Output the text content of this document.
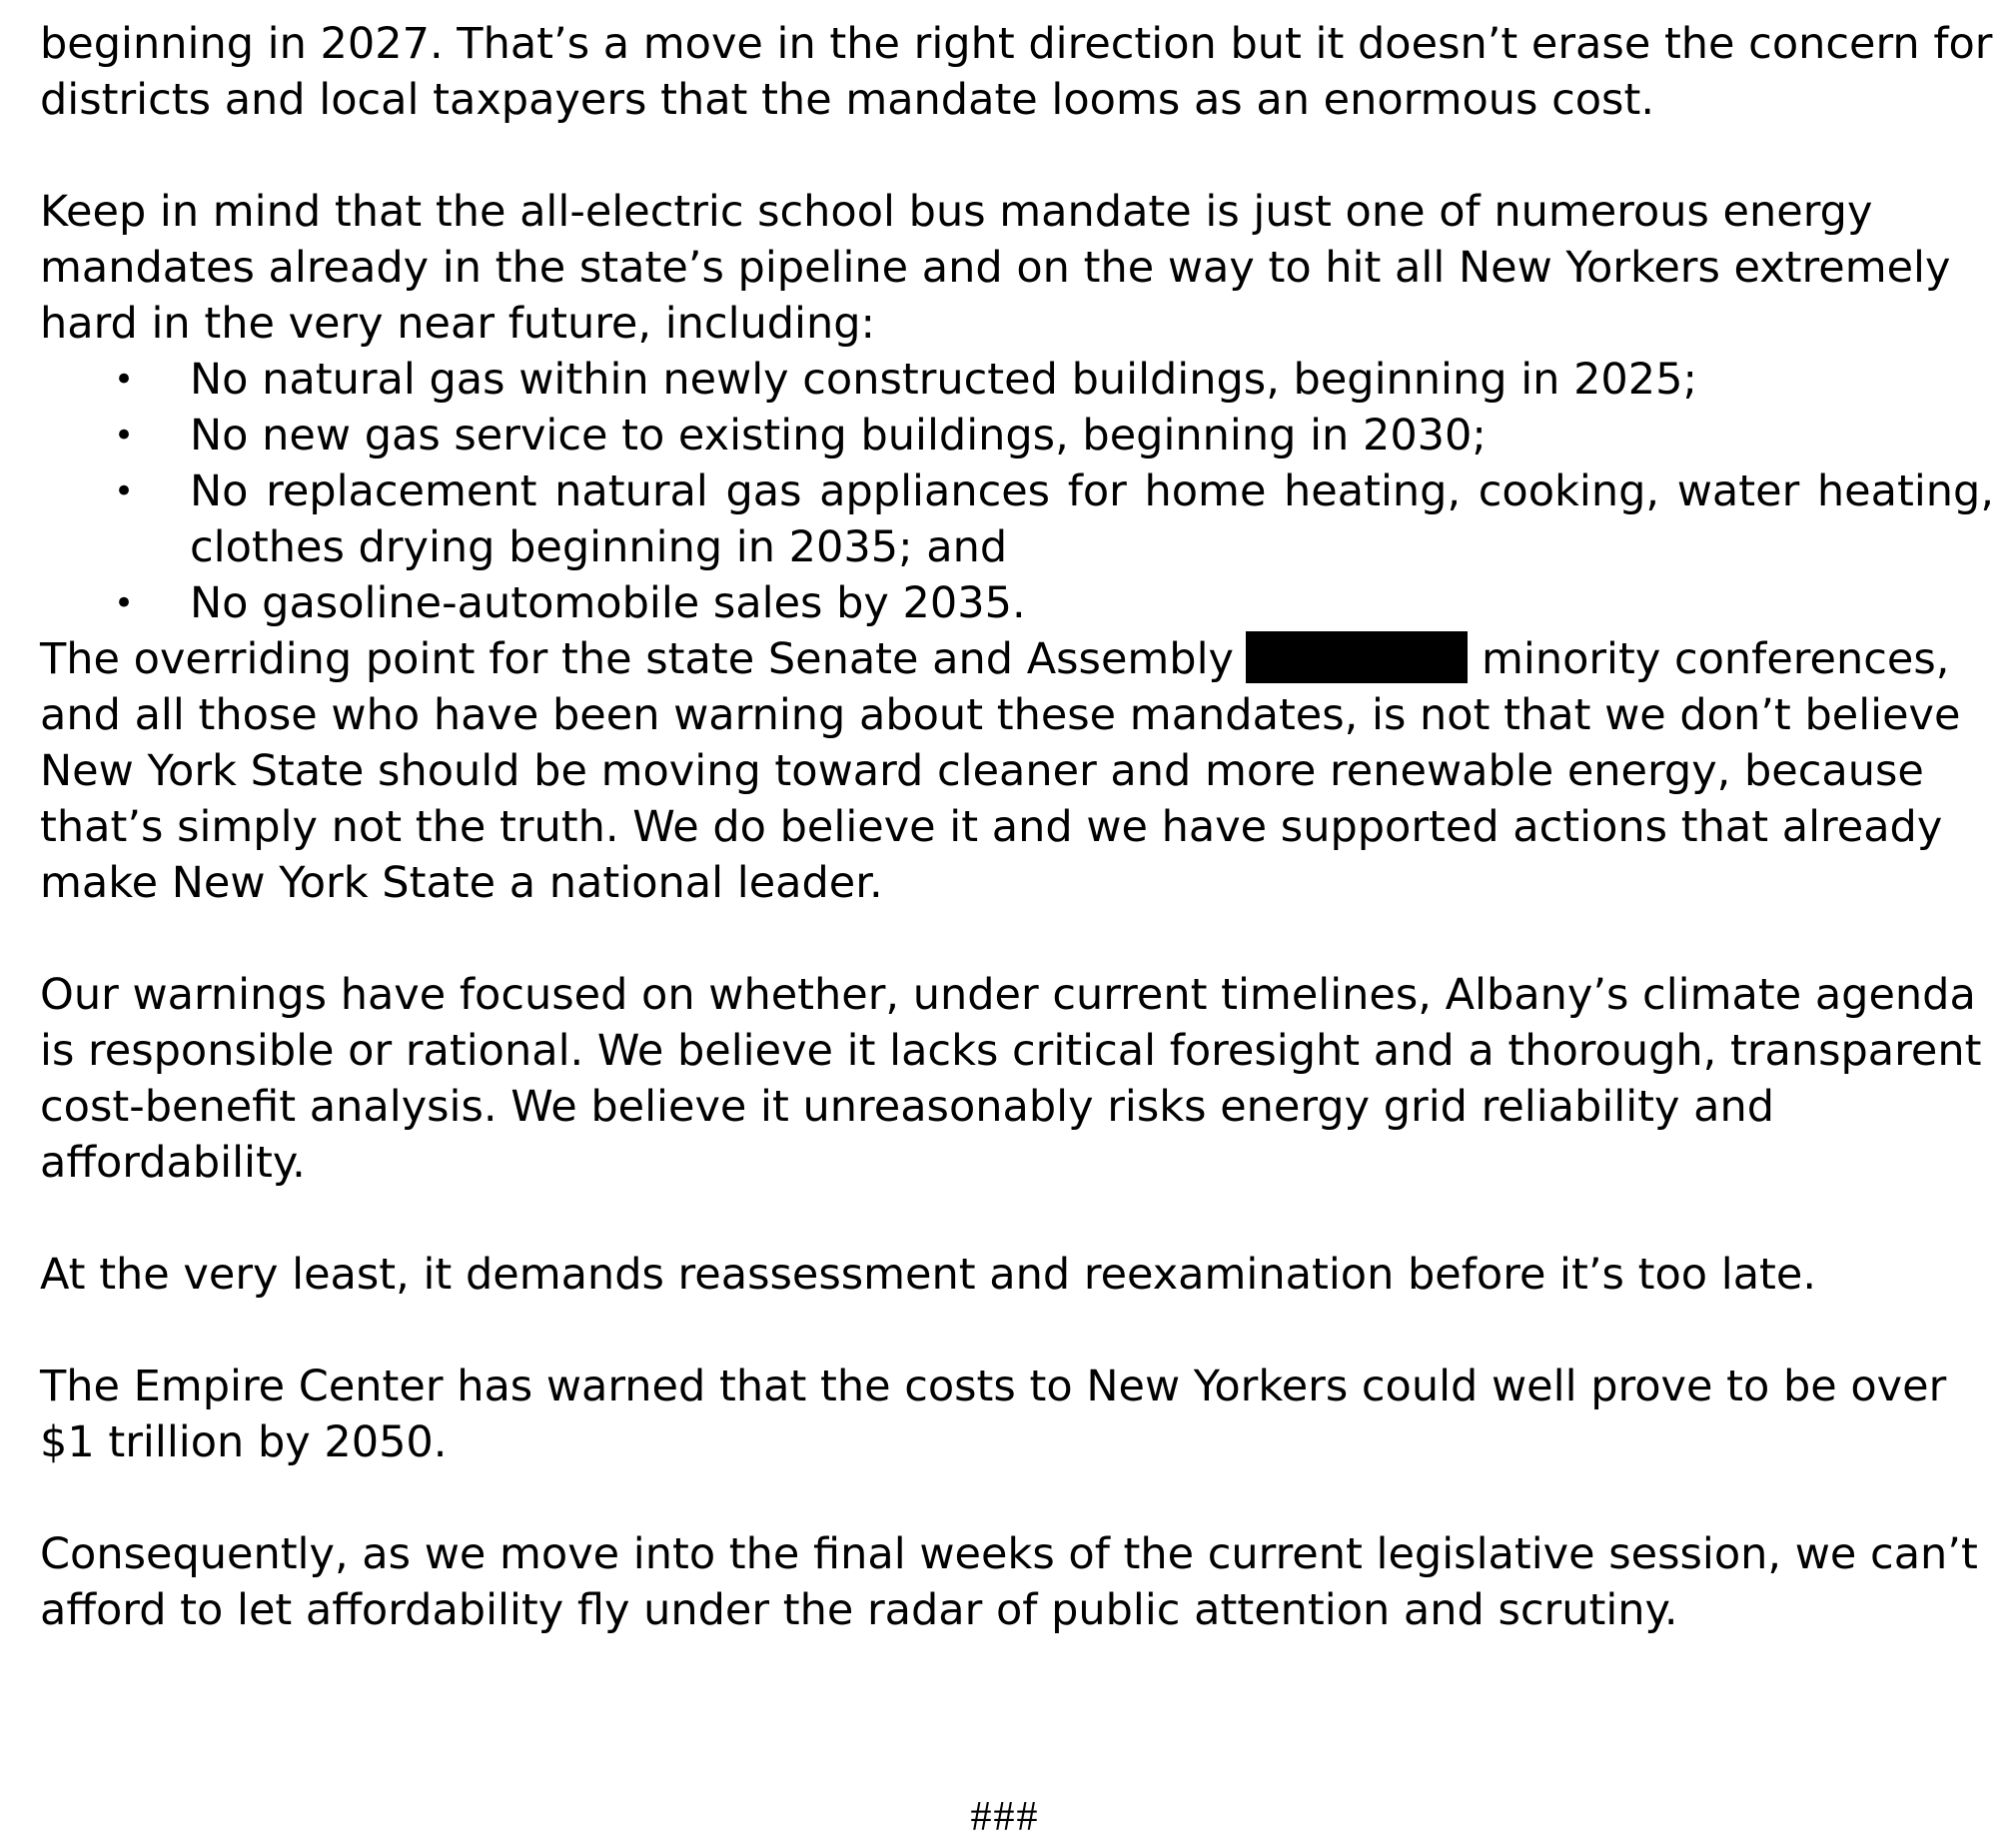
beginning in 2027. That’s a move in the right direction but it doesn’t erase the concern for
districts and local taxpayers that the mandate looms as an enormous cost.

Keep in mind that the all-electric school bus mandate is just one of numerous energy
mandates already in the state’s pipeline and on the way to hit all New Yorkers extremely
hard in the very near future, including:
• No natural gas within newly constructed buildings, beginning in 2025;
• No new gas service to existing buildings, beginning in 2030;
• No replacement natural gas appliances for home heating, cooking, water heating,
clothes drying beginning in 2035; and
• No gasoline-automobile sales by 2035.

The overriding point for the state Senate and Assembly	minority conferences,
and all those who have been warning about these mandates, is not that we don’t believe
New York State should be moving toward cleaner and more renewable energy, because
that’s simply not the truth. We do believe it and we have supported actions that already
make New York State a national leader.

Our warnings have focused on whether, under current timelines, Albany’s climate agenda
is responsible or rational. We believe it lacks critical foresight and a thorough, transparent
cost-benefit analysis. We believe it unreasonably risks energy grid reliability and
affordability.

At the very least, it demands reassessment and reexamination before it’s too late.

The Empire Center has warned that the costs to New Yorkers could well prove to be over
$1 trillion by 2050.

Consequently, as we move into the final weeks of the current legislative session, we can’t
afford to let affordability fly under the radar of public attention and scrutiny.

###
